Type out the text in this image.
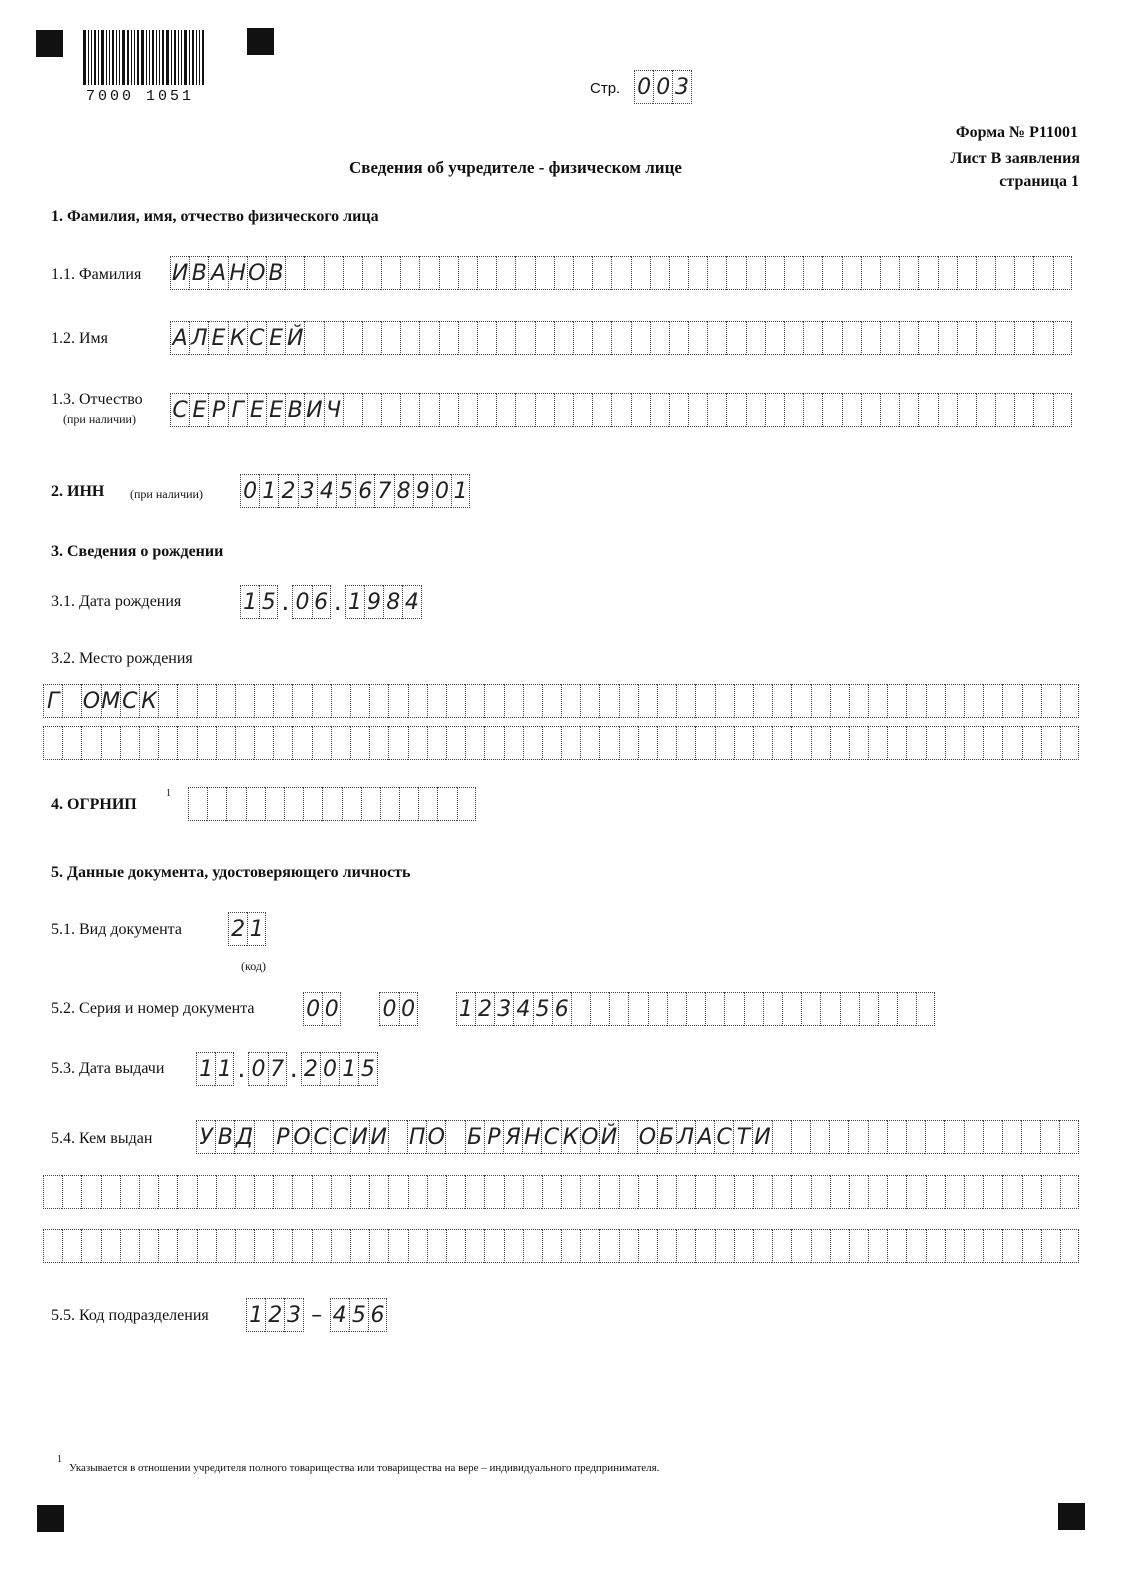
7000 1051	Стр. 0 0 3
Форма № Р11001
Лист В заявления
страница 1
Сведения об учредителе - физическом лице
1. Фамилия, имя, отчество физического лица
1.1. Фамилия И В А Н О В
1.2. Имя	А Л Е К С Е Й
1.3. Отчество
(при наличии) С Е Р Г Е Е В И Ч
2. ИНН (при наличии) 0 1 2 3 4 5 6 7 8 9 0 1
3. Сведения о рождении
3.1. Дата рождения	1 5 . 0 6 . 1 9 8 4
3.2. Место рождения
Г О М С К
4. ОГРНИП
1
5. Данные документа, удостоверяющего личность
5.1. Вид документа 2 1
(код)
5.2. Серия и номер документа 0 0 0 0 1 2 3 4 5 6
5.3. Дата выдачи 1 1 . 0 7 . 2 0 1 5
5.4. Кем выдан У В Д Р О С С И И П О Б Р Я Н С К О Й О Б Л А С Т И
5.5. Код подразделения 1 2 3 – 4 5 6
1
Указывается в отношении учредителя полного товарищества или товарищества на вере – индивидуального предпринимателя.
